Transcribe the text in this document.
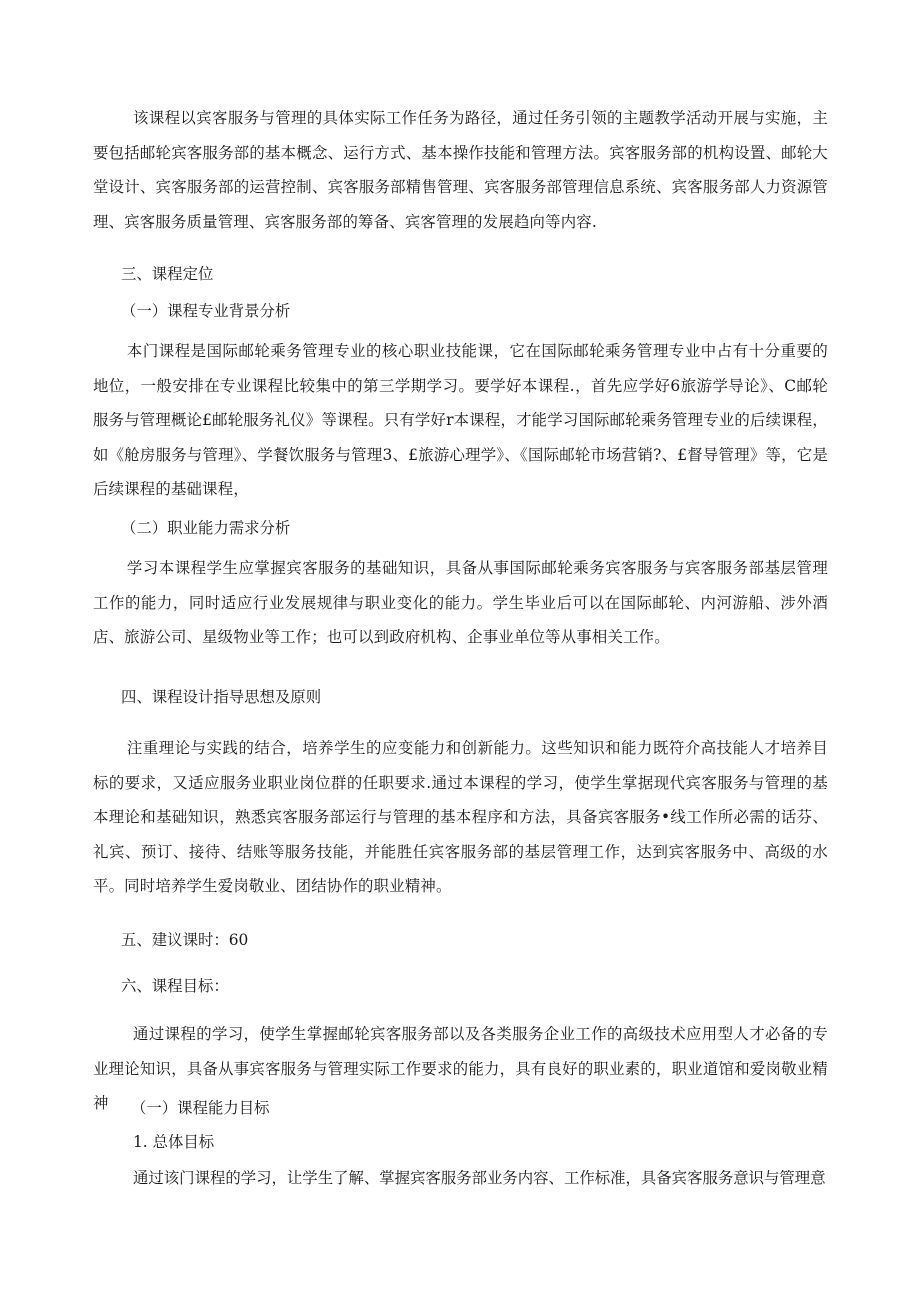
该课程以宾客服务与管理的具体实际工作任务为路径，通过任务引领的主题教学活动开展与实施，主要包括邮轮宾客服务部的基本概念、运行方式、基本操作技能和管理方法。宾客服务部的机构设置、邮轮大堂设计、宾客服务部的运营控制、宾客服务部精售管理、宾客服务部管理信息系统、宾客服务部人力资源管理、宾客服务质量管理、宾客服务部的筹备、宾客管理的发展趋向等内容.

三、课程定位
（一）课程专业背景分析

本门课程是国际邮轮乘务管理专业的核心职业技能课，它在国际邮轮乘务管理专业中占有十分重要的地位，一般安排在专业课程比较集中的第三学期学习。要学好本课程.，首先应学好6旅游学导论》、C邮轮服务与管理概论£邮轮服务礼仪》等课程。只有学好r本课程，才能学习国际邮轮乘务管理专业的后续课程，如《舱房服务与管理》、学餐饮服务与管理3、£旅游心理学》、《国际邮轮市场营销?、£督导管理》等，它是后续课程的基础课程，

（二）职业能力需求分析

学习本课程学生应掌握宾客服务的基础知识，具备从事国际邮轮乘务宾客服务与宾客服务部基层管理工作的能力，同时适应行业发展规律与职业变化的能力。学生毕业后可以在国际邮轮、内河游船、涉外酒店、旅游公司、星级物业等工作；也可以到政府机构、企事业单位等从事相关工作。

四、课程设计指导思想及原则

注重理论与实践的结合，培养学生的应变能力和创新能力。这些知识和能力既符介高技能人才培养目标的要求，又适应服务业职业岗位群的任职要求.通过本课程的学习，使学生掌据现代宾客服务与管理的基本理论和基础知识，熟悉宾客服务部运行与管理的基本程序和方法，具备宾客服务•线工作所必需的话芬、礼宾、预订、接待、结账等服务技能，并能胜任宾客服务部的基层管理工作，达到宾客服务中、高级的水平。同时培养学生爱岗敬业、团结协作的职业精神。

五、建议课时：60
六、课程目标：

通过课程的学习，使学生掌握邮轮宾客服务部以及各类服务企业工作的高级技术应用型人才必备的专业理论知识，具备从事宾客服务与管理实际工作要求的能力，具有良好的职业素的，职业道馆和爱岗敬业精神	（一）课程能力目标
1. 总体目标
通过该门课程的学习，让学生了解、掌握宾客服务部业务内容、工作标准，具备宾客服务意识与管理意
